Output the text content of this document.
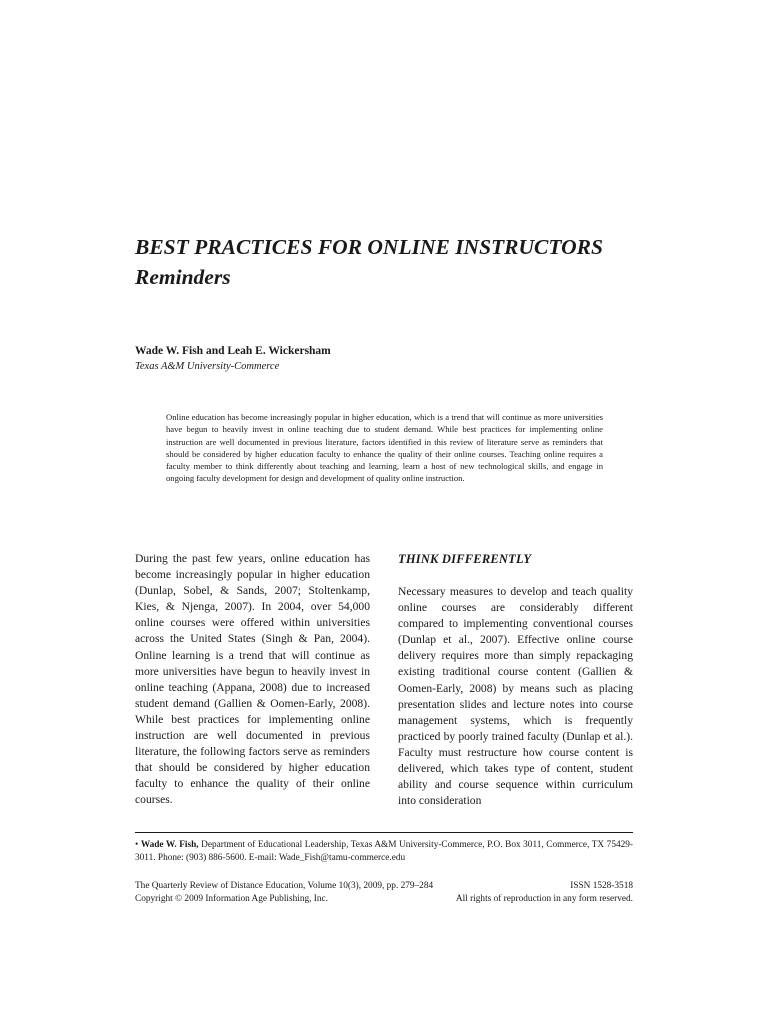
BEST PRACTICES FOR ONLINE INSTRUCTORS
Reminders

Wade W. Fish and Leah E. Wickersham

Texas A&M University-Commerce

Online education has become increasingly popular in higher education, which is a trend that will continue as more universities have begun to heavily invest in online teaching due to student demand. While best practices for implementing online instruction are well documented in previous literature, factors identified in this review of literature serve as reminders that should be considered by higher education faculty to enhance the quality of their online courses. Teaching online requires a faculty member to think differently about teaching and learning, learn a host of new technological skills, and engage in ongoing faculty development for design and development of quality online instruction.

During the past few years, online education has become increasingly popular in higher education (Dunlap, Sobel, & Sands, 2007; Stoltenkamp, Kies, & Njenga, 2007). In 2004, over 54,000 online courses were offered within universities across the United States (Singh & Pan, 2004). Online learning is a trend that will continue as more universities have begun to heavily invest in online teaching (Appana, 2008) due to increased student demand (Gallien & Oomen-Early, 2008). While best practices for implementing online instruction are well documented in previous literature, the following factors serve as reminders that should be considered by higher education faculty to enhance the quality of their online courses.

THINK DIFFERENTLY

Necessary measures to develop and teach quality online courses are considerably different compared to implementing conventional courses (Dunlap et al., 2007). Effective online course delivery requires more than simply repackaging existing traditional course content (Gallien & Oomen-Early, 2008) by means such as placing presentation slides and lecture notes into course management systems, which is frequently practiced by poorly trained faculty (Dunlap et al.). Faculty must restructure how course content is delivered, which takes type of content, student ability and course sequence within curriculum into consideration

• Wade W. Fish, Department of Educational Leadership, Texas A&M University-Commerce, P.O. Box 3011, Commerce, TX 75429-3011. Phone: (903) 886-5600. E-mail: Wade_Fish@tamu-commerce.edu

The Quarterly Review of Distance Education, Volume 10(3), 2009, pp. 279–284	ISSN 1528-3518
Copyright © 2009 Information Age Publishing, Inc.	All rights of reproduction in any form reserved.
